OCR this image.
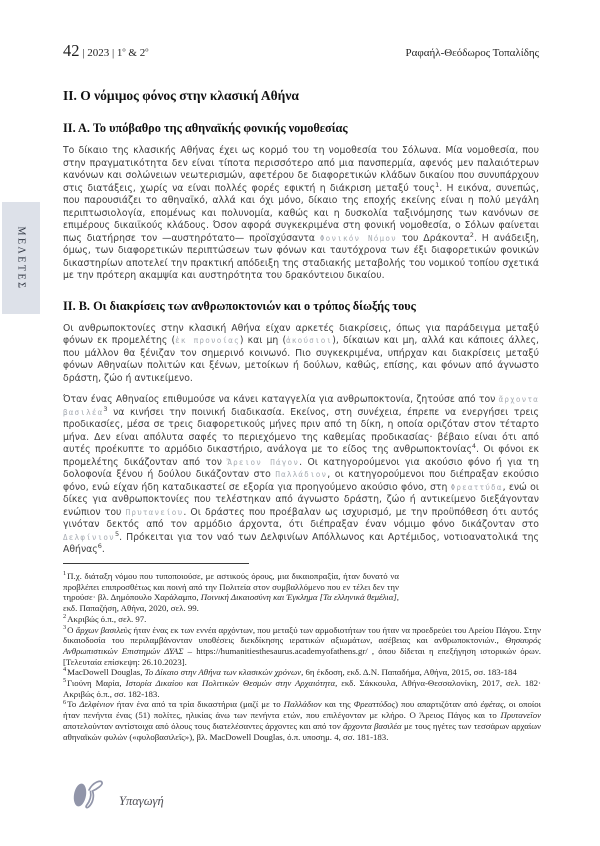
42 | 2023 | $1^o$ & $2^o$	Ραφαήλ-Θεόδωρος Τοπαλίδης
ΜΕΛΕΤΕΣ
ΙΙ. Ο νόμιμος φόνος στην κλασική Αθήνα
ΙΙ. Α. Το υπόβαθρο της αθηναϊκής φονικής νομοθεσίας

Το δίκαιο της κλασικής Αθήνας έχει ως κορμό του τη νομοθεσία του Σόλωνα. Μία νομοθεσία, που στην πραγματικότητα δεν είναι τίποτα περισσότερο από μια πανσπερμία, αφενός μεν παλαιότερων κανόνων και σολώνειων νεωτερισμών, αφετέρου δε διαφορετικών κλάδων δικαίου που συνυπάρχουν στις διατάξεις, χωρίς να είναι πολλές φορές εφικτή η διάκριση μεταξύ τους$^1$. Η εικόνα, συνεπώς, που παρουσιάζει το αθηναϊκό, αλλά και όχι μόνο, δίκαιο της εποχής εκείνης είναι η πολύ μεγάλη περιπτωσιολογία, επομένως και πολυνομία, καθώς και η δυσκολία ταξινόμησης των κανόνων σε επιμέρους δικαιϊκούς κλάδους. Όσον αφορά συγκεκριμένα στη φονική νομοθεσία, ο Σόλων φαίνεται πως διατήρησε τον —αυστηρότατο— προϊσχύσαντα Φονικόν Νόμον του Δράκοντα$^2$. Η ανάδειξη, όμως, των διαφορετικών περιπτώσεων των φόνων και ταυτόχρονα των έξι διαφορετικών φονικών δικαστηρίων αποτελεί την πρακτική απόδειξη της σταδιακής μεταβολής του νομικού τοπίου σχετικά με την πρότερη ακαμψία και αυστηρότητα του δρακόντειου δικαίου.

ΙΙ. Β. Οι διακρίσεις των ανθρωποκτονιών και ο τρόπος δίωξής τους

Οι ανθρωποκτονίες στην κλασική Αθήνα είχαν αρκετές διακρίσεις, όπως για παράδειγμα μεταξύ φόνων εκ προμελέτης (ἐκ προνοίας) και μη (ἀκούσιοι), δίκαιων και μη, αλλά και κάποιες άλλες, που μάλλον θα ξένιζαν τον σημερινό κοινωνό. Πιο συγκεκριμένα, υπήρχαν και διακρίσεις μεταξύ φόνων Αθηναίων πολιτών και ξένων, μετοίκων ή δούλων, καθώς, επίσης, και φόνων από άγνωστο δράστη, ζώο ή αντικείμενο.

Όταν ένας Αθηναίος επιθυμούσε να κάνει καταγγελία για ανθρωποκτονία, ζητούσε από τον ἄρχοντα βασιλέα$^3$ να κινήσει την ποινική διαδικασία. Εκείνος, στη συνέχεια, έπρεπε να ενεργήσει τρεις προδικασίες, μέσα σε τρεις διαφορετικούς μήνες πριν από τη δίκη, η οποία οριζόταν στον τέταρτο μήνα. Δεν είναι απόλυτα σαφές το περιεχόμενο της καθεμίας προδικασίας· βέβαιο είναι ότι από αυτές προέκυπτε το αρμόδιο δικαστήριο, ανάλογα με το είδος της ανθρωποκτονίας$^4$. Οι φόνοι εκ προμελέτης δικάζονταν από τον Ἄρειον Πάγον. Οι κατηγορούμενοι για ακούσιο φόνο ή για τη δολοφονία ξένου ή δούλου δικάζονταν στο Παλλάδιον, οι κατηγορούμενοι που διέπραξαν εκούσιο φόνο, ενώ είχαν ήδη καταδικαστεί σε εξορία για προηγούμενο ακούσιο φόνο, στη Φρεαττύδα, ενώ οι δίκες για ανθρωποκτονίες που τελέστηκαν από άγνωστο δράστη, ζώο ή αντικείμενο διεξάγονταν ενώπιον του Πρυτανείου. Οι δράστες που προέβαλαν ως ισχυρισμό, με την προϋπόθεση ότι αυτός γινόταν δεκτός από τον αρμόδιο άρχοντα, ότι διέπραξαν έναν νόμιμο φόνο δικάζονταν στο Δελφίνιον$^5$. Πρόκειται για τον ναό των Δελφινίων Απόλλωνος και Αρτέμιδος, νοτιοανατολικά της Αθήνας$^6$.

$^1$Π.χ. διάταξη νόμου που τυποποιούσε, με αστικούς όρους, μια δικαιοπραξία, ήταν δυνατό να προβλέπει επιπροσθέτως και ποινή από την Πολιτεία στον συμβαλλόμενο που εν τέλει δεν την τηρούσε· βλ. Δημόπουλο Χαράλαμπο, Ποινική Δικαιοσύνη και Έγκλημα [Τα ελληνικά θεμέλια], εκδ. Παπαζήση, Αθήνα, 2020, σελ. 99.
$^2$Ακριβώς ό.π., σελ. 97.
$^3$Ο ἄρχων βασιλεὺς ήταν ένας εκ των εννέα αρχόντων, που μεταξύ των αρμοδιοτήτων του ήταν να προεδρεύει του Αρείου Πάγου. Στην δικαιοδοσία του περιλαμβάνονταν υποθέσεις διεκδίκησης ιερατικών αξιωμάτων, ασέβειας και ανθρωποκτονιών., Θησαυρός Ανθρωπιστικών Επιστημών ΔΥΑΣ – https://humanitiesthesaurus.academyofathens.gr/ , όπου δίδεται η επεξήγηση ιστορικών όρων. [Τελευταία επίσκεψη: 26.10.2023].
$^4$MacDowell Douglas, Το Δίκαιο στην Αθήνα των κλασικών χρόνων, 6η έκδοση, εκδ. Δ.Ν. Παπαδήμα, Αθήνα, 2015, σσ. 183-184
$^5$Γιούνη Μαρία, Ιστορία Δικαίου και Πολιτικών Θεσμών στην Αρχαιότητα, εκδ. Σάκκουλα, Αθήνα-Θεσσαλονίκη, 2017, σελ. 182· Ακριβώς ό.π., σσ. 182-183.
$^6$Το Δελφίνιον ήταν ένα από τα τρία δικαστήρια (μαζί με το Παλλάδιον και της Φρεαττύδος) που απαρτιζόταν από ἐφέτας, οι οποίοι ήταν πενήντα ένας (51) πολίτες, ηλικίας άνω των πενήντα ετών, που επιλέγονταν με κλήρο. Ο Άρειος Πάγος και το Πρυτανεῖον αποτελούνταν αντίστοιχα από όλους τους διατελέσαντες άρχοντες και από τον ἄρχοντα βασιλέα με τους ηγέτες των τεσσάρων αρχαίων αθηναϊκών φυλών («φυλοβασιλεῖς»), βλ. MacDowell Douglas, ό.π. υποσημ. 4, σσ. 181-183.
Υπαγωγή
